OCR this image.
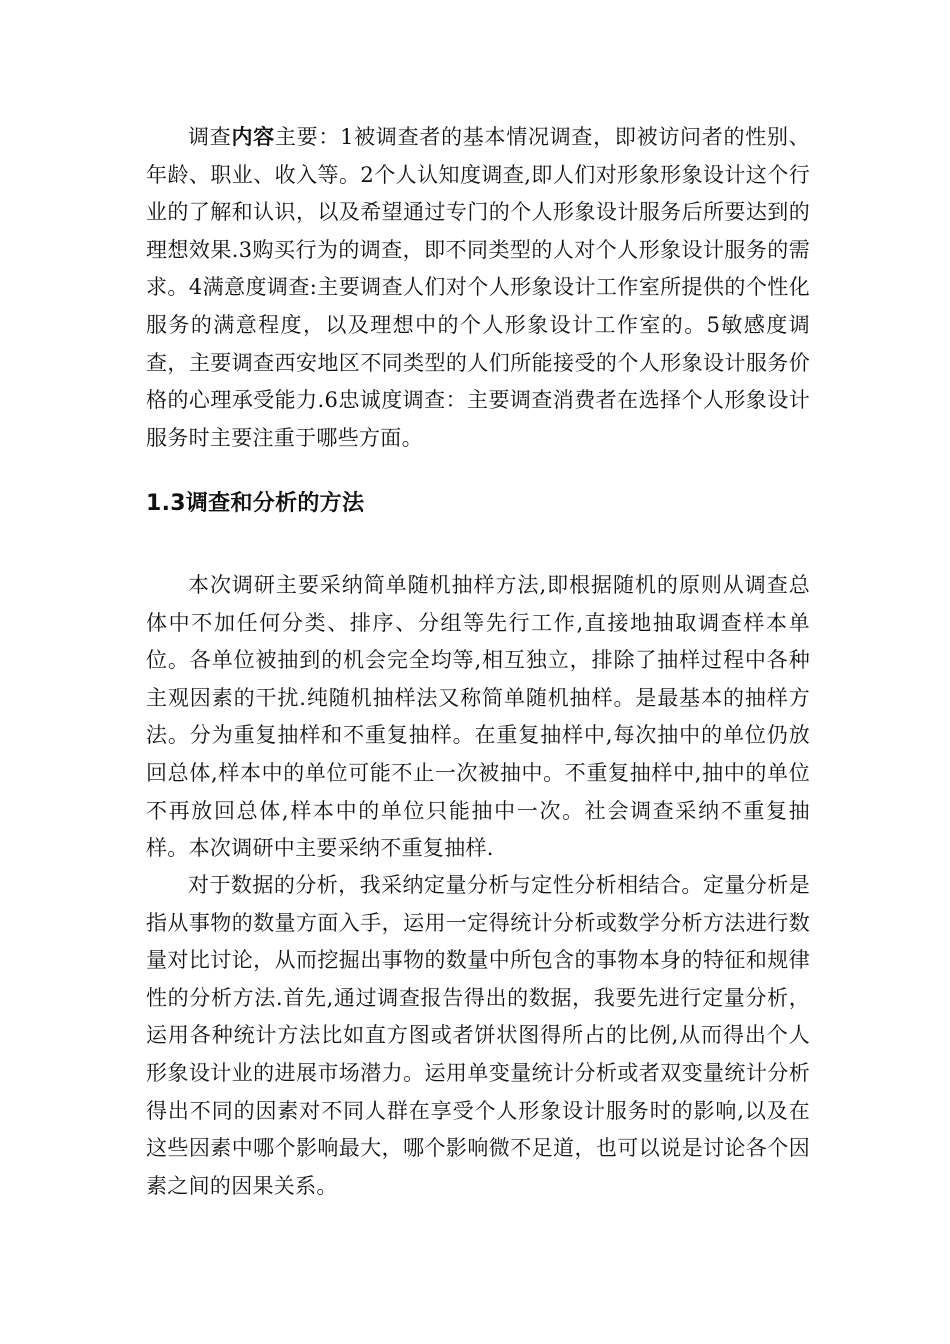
调查内容主要：1被调查者的基本情况调查，即被访问者的性别、年龄、职业、收入等。2个人认知度调查,即人们对形象形象设计这个行业的了解和认识，以及希望通过专门的个人形象设计服务后所要达到的理想效果.3购买行为的调查，即不同类型的人对个人形象设计服务的需求。4满意度调查:主要调查人们对个人形象设计工作室所提供的个性化服务的满意程度，以及理想中的个人形象设计工作室的。5敏感度调查，主要调查西安地区不同类型的人们所能接受的个人形象设计服务价格的心理承受能力.6忠诚度调查：主要调查消费者在选择个人形象设计服务时主要注重于哪些方面。

1.3调查和分析的方法

本次调研主要采纳简单随机抽样方法,即根据随机的原则从调查总体中不加任何分类、排序、分组等先行工作,直接地抽取调查样本单位。各单位被抽到的机会完全均等,相互独立，排除了抽样过程中各种主观因素的干扰.纯随机抽样法又称简单随机抽样。是最基本的抽样方法。分为重复抽样和不重复抽样。在重复抽样中,每次抽中的单位仍放回总体,样本中的单位可能不止一次被抽中。不重复抽样中,抽中的单位不再放回总体,样本中的单位只能抽中一次。社会调查采纳不重复抽样。本次调研中主要采纳不重复抽样.

对于数据的分析，我采纳定量分析与定性分析相结合。定量分析是指从事物的数量方面入手，运用一定得统计分析或数学分析方法进行数量对比讨论，从而挖掘出事物的数量中所包含的事物本身的特征和规律性的分析方法.首先,通过调查报告得出的数据，我要先进行定量分析，运用各种统计方法比如直方图或者饼状图得所占的比例,从而得出个人形象设计业的进展市场潜力。运用单变量统计分析或者双变量统计分析得出不同的因素对不同人群在享受个人形象设计服务时的影响,以及在这些因素中哪个影响最大，哪个影响微不足道，也可以说是讨论各个因素之间的因果关系。
